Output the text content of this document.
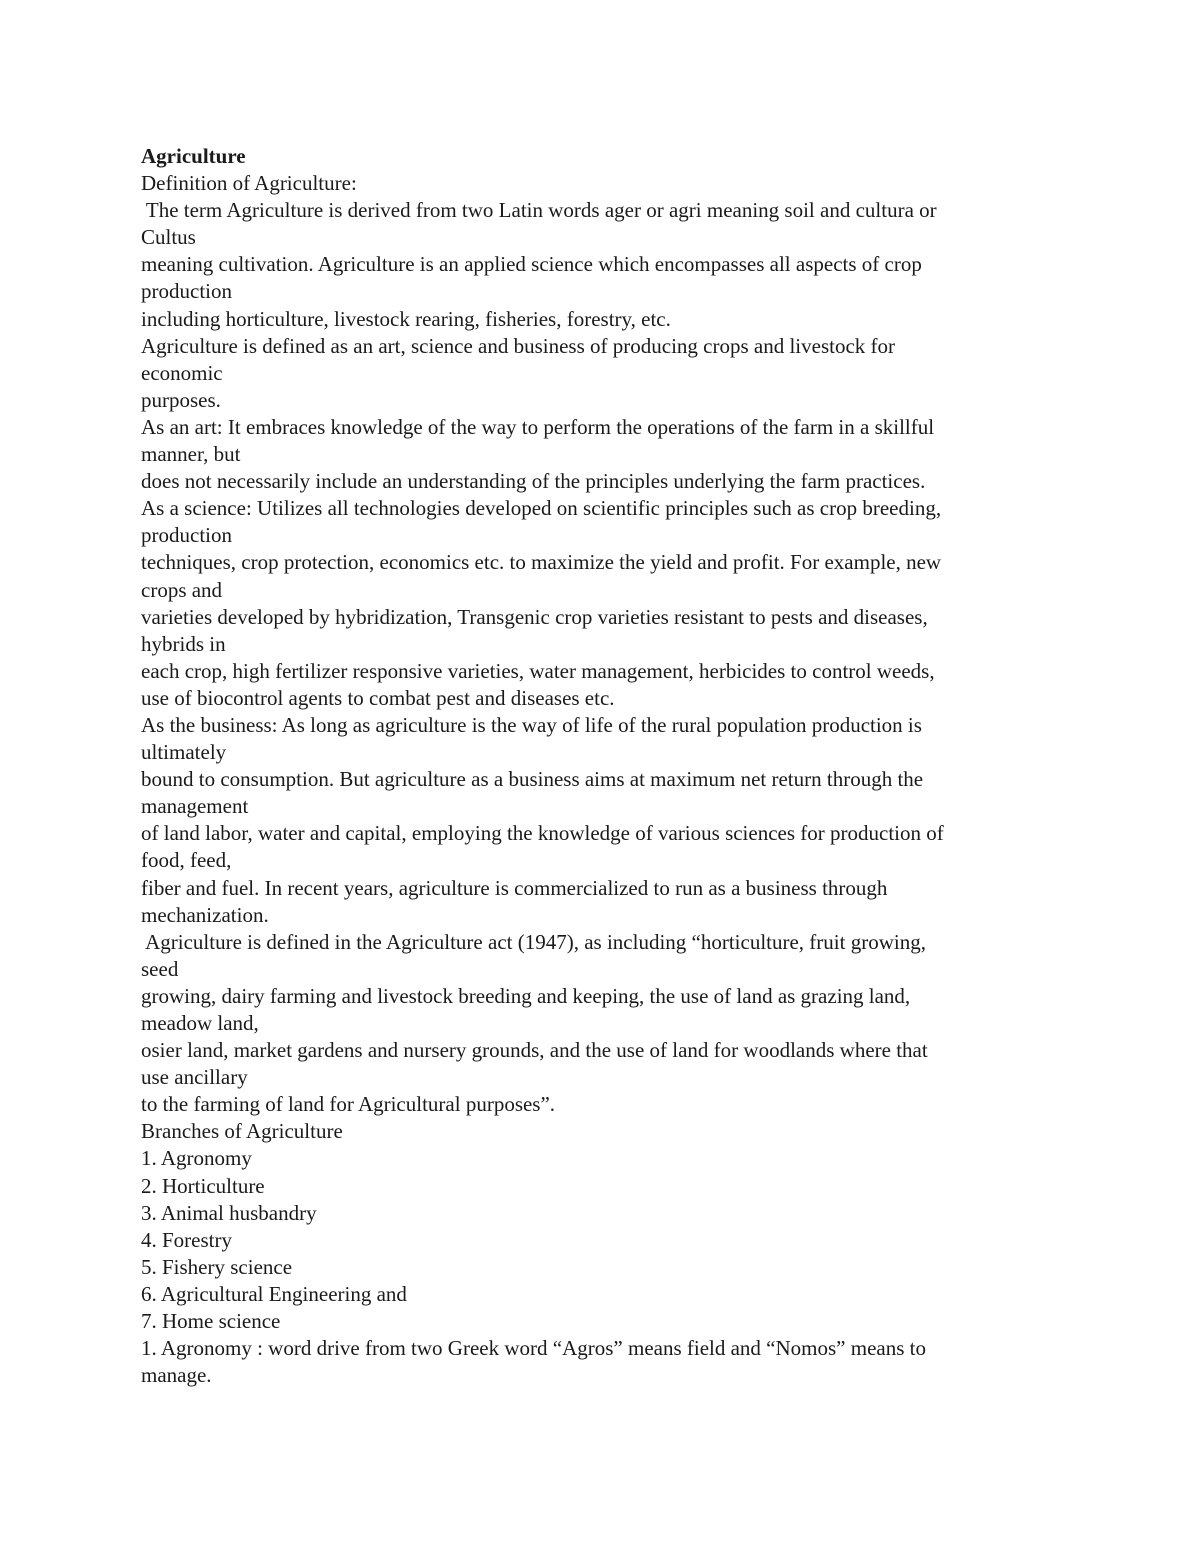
Agriculture
Definition of Agriculture:
The term Agriculture is derived from two Latin words ager or agri meaning soil and cultura or
Cultus
meaning cultivation. Agriculture is an applied science which encompasses all aspects of crop
production
including horticulture, livestock rearing, fisheries, forestry, etc.
Agriculture is defined as an art, science and business of producing crops and livestock for
economic
purposes.
As an art: It embraces knowledge of the way to perform the operations of the farm in a skillful
manner, but
does not necessarily include an understanding of the principles underlying the farm practices.
As a science: Utilizes all technologies developed on scientific principles such as crop breeding,
production
techniques, crop protection, economics etc. to maximize the yield and profit. For example, new
crops and
varieties developed by hybridization, Transgenic crop varieties resistant to pests and diseases,
hybrids in
each crop, high fertilizer responsive varieties, water management, herbicides to control weeds,
use of biocontrol agents to combat pest and diseases etc.
As the business: As long as agriculture is the way of life of the rural population production is
ultimately
bound to consumption. But agriculture as a business aims at maximum net return through the
management
of land labor, water and capital, employing the knowledge of various sciences for production of
food, feed,
fiber and fuel. In recent years, agriculture is commercialized to run as a business through
mechanization.
Agriculture is defined in the Agriculture act (1947), as including “horticulture, fruit growing,
seed
growing, dairy farming and livestock breeding and keeping, the use of land as grazing land,
meadow land,
osier land, market gardens and nursery grounds, and the use of land for woodlands where that
use ancillary
to the farming of land for Agricultural purposes”.
Branches of Agriculture
1. Agronomy
2. Horticulture
3. Animal husbandry
4. Forestry
5. Fishery science
6. Agricultural Engineering and
7. Home science
1. Agronomy : word drive from two Greek word “Agros” means field and “Nomos” means to
manage.
